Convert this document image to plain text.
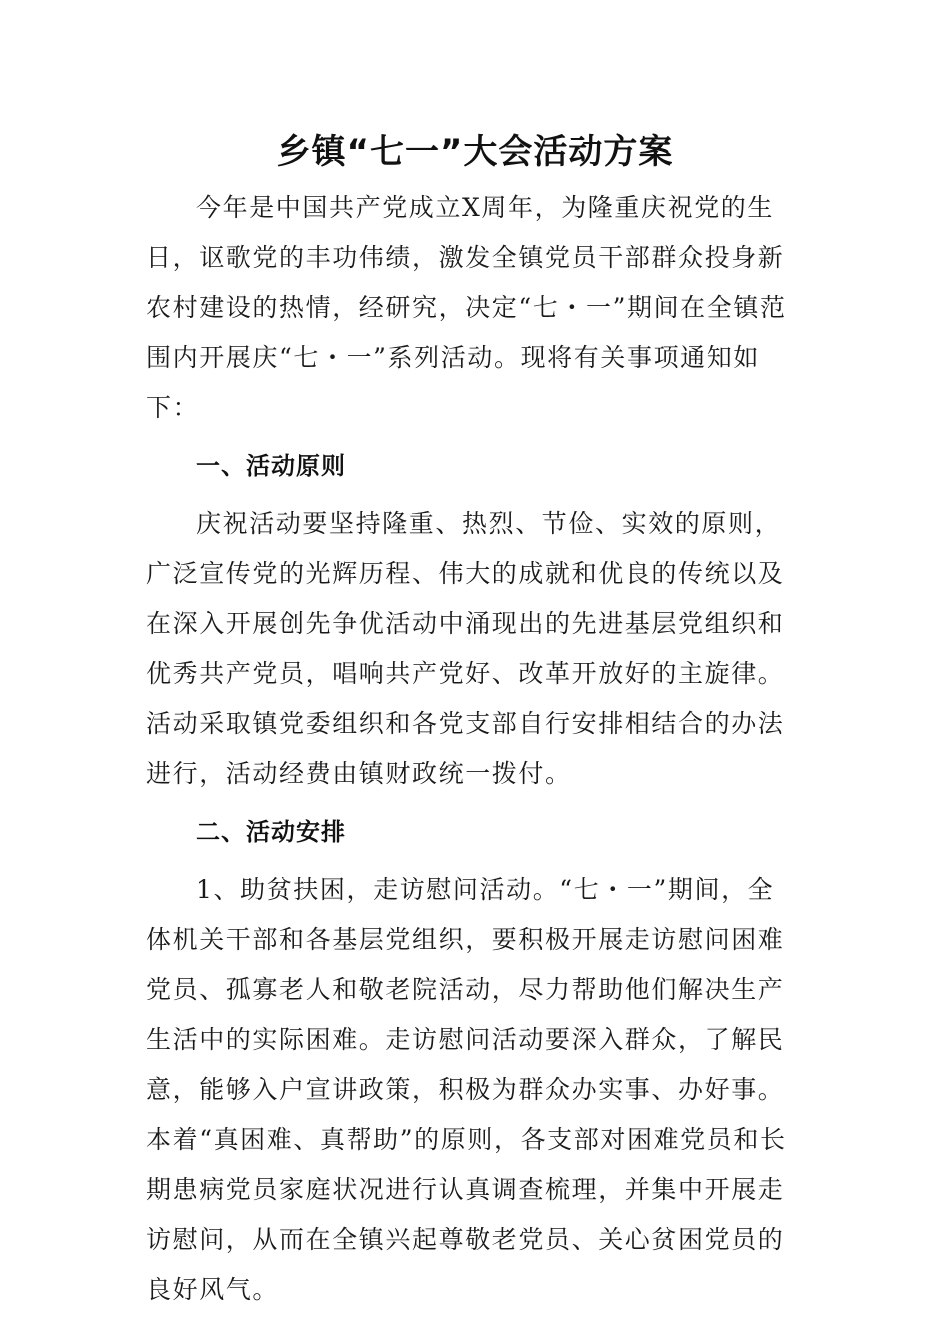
乡镇“七一”大会活动方案

今年是中国共产党成立X周年，为隆重庆祝党的生日，讴歌党的丰功伟绩，激发全镇党员干部群众投身新农村建设的热情，经研究，决定“七・一”期间在全镇范围内开展庆“七・一”系列活动。现将有关事项通知如下：

一、活动原则

庆祝活动要坚持隆重、热烈、节俭、实效的原则，广泛宣传党的光辉历程、伟大的成就和优良的传统以及在深入开展创先争优活动中涌现出的先进基层党组织和优秀共产党员，唱响共产党好、改革开放好的主旋律。活动采取镇党委组织和各党支部自行安排相结合的办法进行，活动经费由镇财政统一拨付。

二、活动安排

1、助贫扶困，走访慰问活动。“七・一”期间，全体机关干部和各基层党组织，要积极开展走访慰问困难党员、孤寡老人和敬老院活动，尽力帮助他们解决生产生活中的实际困难。走访慰问活动要深入群众，了解民意，能够入户宣讲政策，积极为群众办实事、办好事。本着“真困难、真帮助”的原则，各支部对困难党员和长期患病党员家庭状况进行认真调查梳理，并集中开展走访慰问，从而在全镇兴起尊敬老党员、关心贫困党员的良好风气。
